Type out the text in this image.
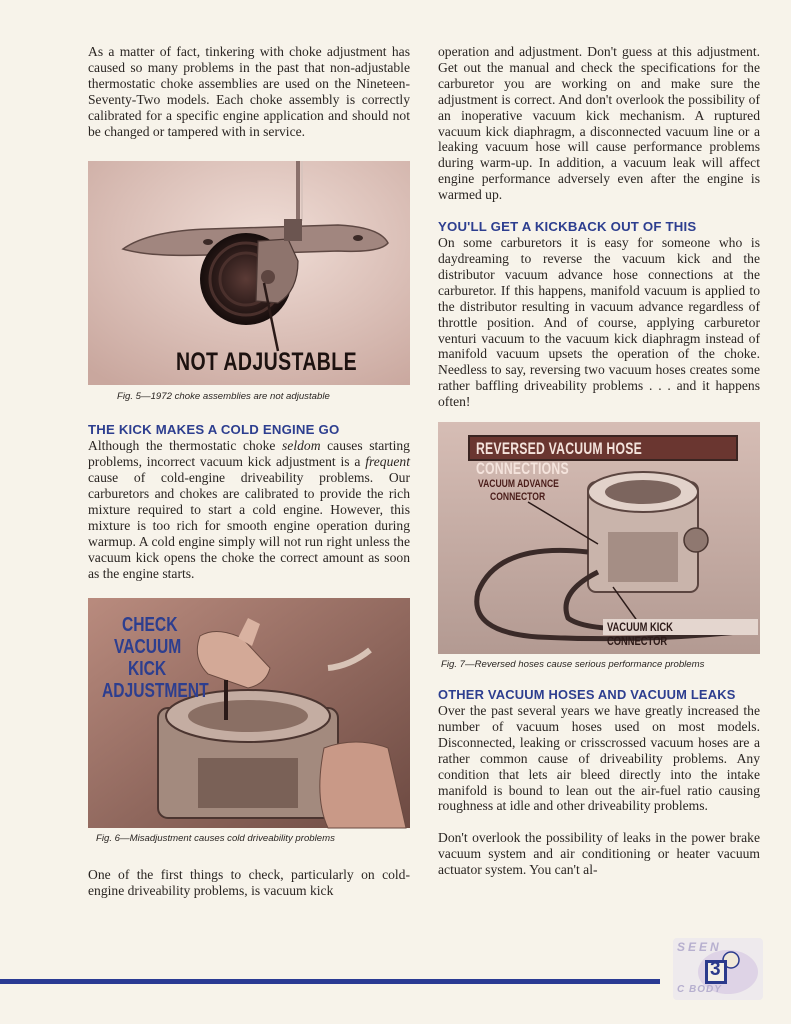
As a matter of fact, tinkering with choke adjustment has caused so many problems in the past that non-adjustable thermostatic choke assemblies are used on the Nineteen-Seventy-Two models. Each choke assembly is correctly calibrated for a specific engine application and should not be changed or tampered with in service.

NOT ADJUSTABLE
Fig. 5—1972 choke assemblies are not adjustable
THE KICK MAKES A COLD ENGINE GO

Although the thermostatic choke seldom causes starting problems, incorrect vacuum kick adjustment is a frequent cause of cold-engine driveability problems. Our carburetors and chokes are calibrated to provide the rich mixture required to start a cold engine. However, this mixture is too rich for smooth engine operation during warmup. A cold engine simply will not run right unless the vacuum kick opens the choke the correct amount as soon as the engine starts.

CHECK
VACUUM
KICK
ADJUSTMENT
Fig. 6—Misadjustment causes cold driveability problems

One of the first things to check, particularly on cold-engine driveability problems, is vacuum kick

operation and adjustment. Don't guess at this adjustment. Get out the manual and check the specifications for the carburetor you are working on and make sure the adjustment is correct. And don't overlook the possibility of an inoperative vacuum kick mechanism. A ruptured vacuum kick diaphragm, a disconnected vacuum line or a leaking vacuum hose will cause performance problems during warm-up. In addition, a vacuum leak will affect engine performance adversely even after the engine is warmed up.

YOU'LL GET A KICKBACK OUT OF THIS

On some carburetors it is easy for someone who is daydreaming to reverse the vacuum kick and the distributor vacuum advance hose connections at the carburetor. If this happens, manifold vacuum is applied to the distributor resulting in vacuum advance regardless of throttle position. And of course, applying carburetor venturi vacuum to the vacuum kick diaphragm instead of manifold vacuum upsets the operation of the choke. Needless to say, reversing two vacuum hoses creates some rather baffling driveability problems . . . and it happens often!

REVERSED VACUUM HOSE CONNECTIONS
VACUUM ADVANCE
CONNECTOR
VACUUM KICK CONNECTOR
Fig. 7—Reversed hoses cause serious performance problems
OTHER VACUUM HOSES AND VACUUM LEAKS

Over the past several years we have greatly increased the number of vacuum hoses used on most models. Disconnected, leaking or crisscrossed vacuum hoses are a rather common cause of driveability problems. Any condition that lets air bleed directly into the intake manifold is bound to lean out the air-fuel ratio causing roughness at idle and other driveability problems.

Don't overlook the possibility of leaks in the power brake vacuum system and air conditioning or heater vacuum actuator system. You can't al-

SEEN
3
C BODY
